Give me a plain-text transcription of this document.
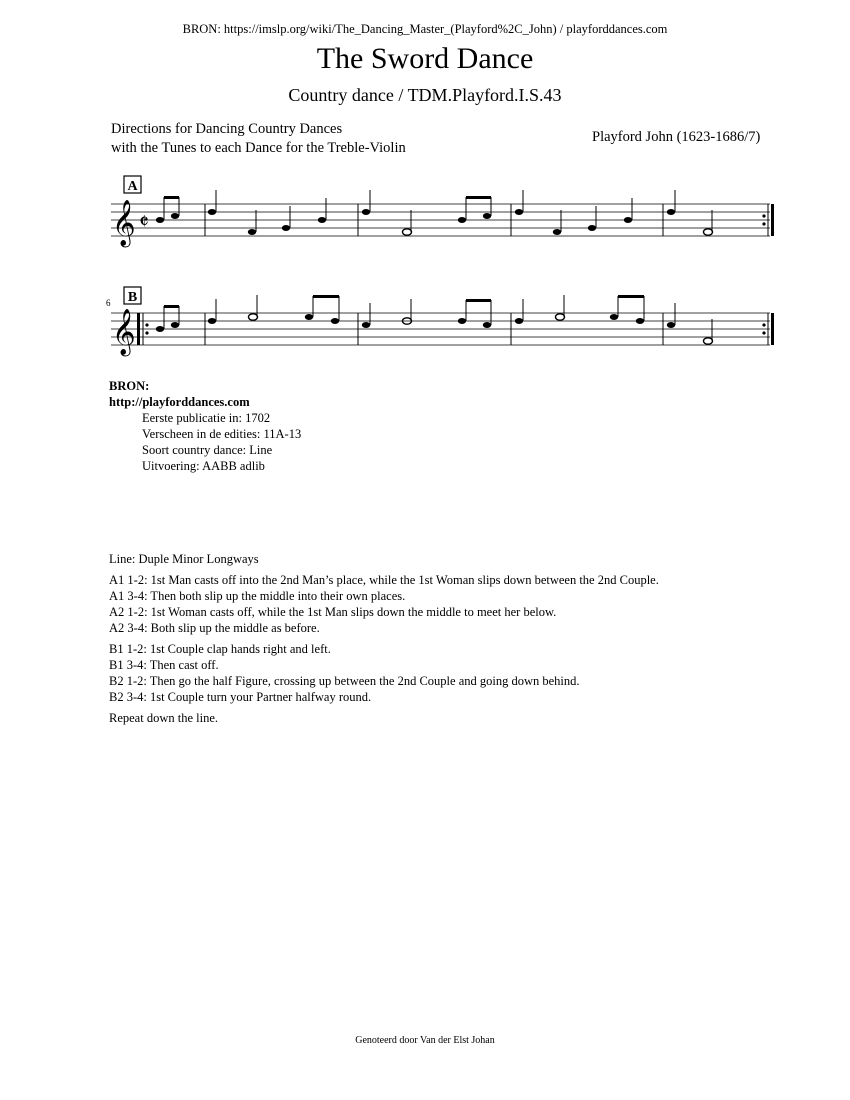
BRON: https://imslp.org/wiki/The_Dancing_Master_(Playford%2C_John) / playforddances.com
The Sword Dance
Country dance / TDM.Playford.I.S.43
Directions for Dancing Country Dances
with the Tunes to each Dance for the Treble-Violin
Playford John (1623-1686/7)
A
𝄞 𝄵
6 B
𝄞
BRON:
http://playforddances.com
Eerste publicatie in: 1702
Verscheen in de edities: 11A-13
Soort country dance: Line
Uitvoering: AABB adlib
Line: Duple Minor Longways
A1 1-2: 1st Man casts off into the 2nd Man’s place, while the 1st Woman slips down between the 2nd Couple.
A1 3-4: Then both slip up the middle into their own places.
A2 1-2: 1st Woman casts off, while the 1st Man slips down the middle to meet her below.
A2 3-4: Both slip up the middle as before.
B1 1-2: 1st Couple clap hands right and left.
B1 3-4: Then cast off.
B2 1-2: Then go the half Figure, crossing up between the 2nd Couple and going down behind.
B2 3-4: 1st Couple turn your Partner halfway round.
Repeat down the line.
Genoteerd door Van der Elst Johan
